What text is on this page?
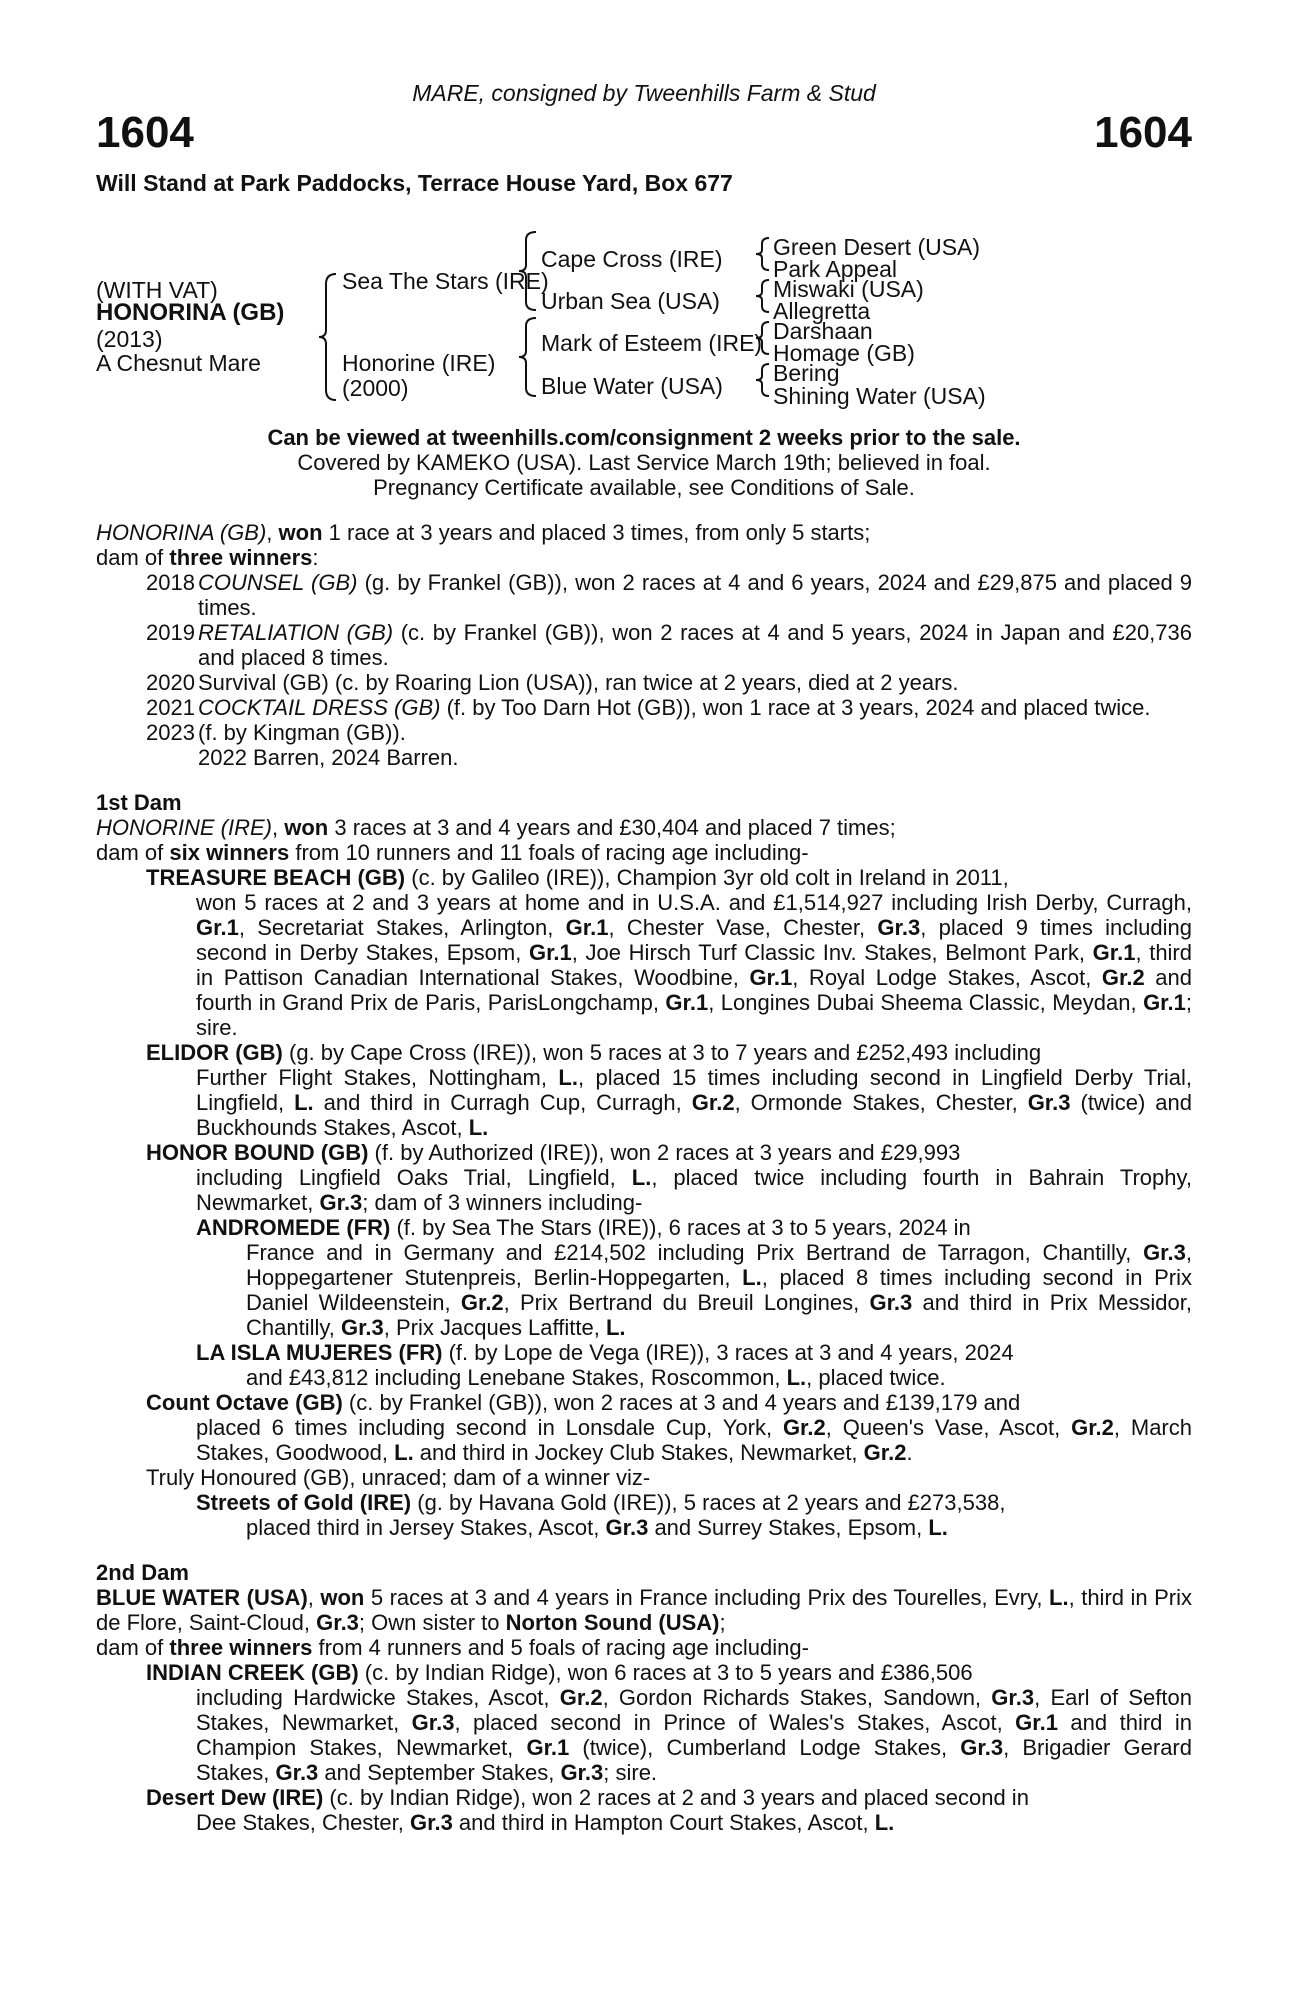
MARE, consigned by Tweenhills Farm & Stud
1604	1604
Will Stand at Park Paddocks, Terrace House Yard, Box 677
(WITH VAT)
HONORINA (GB)
(2013)
A Chesnut Mare
Sea The Stars (IRE)
Honorine (IRE)
(2000)
Cape Cross (IRE)
Urban Sea (USA)
Mark of Esteem (IRE)
Blue Water (USA)
Green Desert (USA)
Park Appeal
Miswaki (USA)
Allegretta
Darshaan
Homage (GB)
Bering
Shining Water (USA)
Can be viewed at tweenhills.com/consignment 2 weeks prior to the sale.
Covered by KAMEKO (USA). Last Service March 19th; believed in foal.
Pregnancy Certificate available, see Conditions of Sale.

HONORINA (GB), won 1 race at 3 years and placed 3 times, from only 5 starts;

dam of three winners:

2018 COUNSEL (GB) (g. by Frankel (GB)), won 2 races at 4 and 6 years, 2024 and £29,875 and placed 9 times.
2019 RETALIATION (GB) (c. by Frankel (GB)), won 2 races at 4 and 5 years, 2024 in Japan and £20,736 and placed 8 times.
2020 Survival (GB) (c. by Roaring Lion (USA)), ran twice at 2 years, died at 2 years.
2021 COCKTAIL DRESS (GB) (f. by Too Darn Hot (GB)), won 1 race at 3 years, 2024 and placed twice.
2023 (f. by Kingman (GB)).
2022 Barren, 2024 Barren.

1st Dam

HONORINE (IRE), won 3 races at 3 and 4 years and £30,404 and placed 7 times;

dam of six winners from 10 runners and 11 foals of racing age including-

TREASURE BEACH (GB) (c. by Galileo (IRE)), Champion 3yr old colt in Ireland in 2011,

won 5 races at 2 and 3 years at home and in U.S.A. and £1,514,927 including Irish Derby, Curragh, Gr.1, Secretariat Stakes, Arlington, Gr.1, Chester Vase, Chester, Gr.3, placed 9 times including second in Derby Stakes, Epsom, Gr.1, Joe Hirsch Turf Classic Inv. Stakes, Belmont Park, Gr.1, third in Pattison Canadian International Stakes, Woodbine, Gr.1, Royal Lodge Stakes, Ascot, Gr.2 and fourth in Grand Prix de Paris, ParisLongchamp, Gr.1, Longines Dubai Sheema Classic, Meydan, Gr.1; sire.

ELIDOR (GB) (g. by Cape Cross (IRE)), won 5 races at 3 to 7 years and £252,493 including

Further Flight Stakes, Nottingham, L., placed 15 times including second in Lingfield Derby Trial, Lingfield, L. and third in Curragh Cup, Curragh, Gr.2, Ormonde Stakes, Chester, Gr.3 (twice) and Buckhounds Stakes, Ascot, L.

HONOR BOUND (GB) (f. by Authorized (IRE)), won 2 races at 3 years and £29,993

including Lingfield Oaks Trial, Lingfield, L., placed twice including fourth in Bahrain Trophy, Newmarket, Gr.3; dam of 3 winners including-

ANDROMEDE (FR) (f. by Sea The Stars (IRE)), 6 races at 3 to 5 years, 2024 in

France and in Germany and £214,502 including Prix Bertrand de Tarragon, Chantilly, Gr.3, Hoppegartener Stutenpreis, Berlin-Hoppegarten, L., placed 8 times including second in Prix Daniel Wildeenstein, Gr.2, Prix Bertrand du Breuil Longines, Gr.3 and third in Prix Messidor, Chantilly, Gr.3, Prix Jacques Laffitte, L.

LA ISLA MUJERES (FR) (f. by Lope de Vega (IRE)), 3 races at 3 and 4 years, 2024

and £43,812 including Lenebane Stakes, Roscommon, L., placed twice.

Count Octave (GB) (c. by Frankel (GB)), won 2 races at 3 and 4 years and £139,179 and

placed 6 times including second in Lonsdale Cup, York, Gr.2, Queen's Vase, Ascot, Gr.2, March Stakes, Goodwood, L. and third in Jockey Club Stakes, Newmarket, Gr.2.

Truly Honoured (GB), unraced; dam of a winner viz-

Streets of Gold (IRE) (g. by Havana Gold (IRE)), 5 races at 2 years and £273,538,

placed third in Jersey Stakes, Ascot, Gr.3 and Surrey Stakes, Epsom, L.

2nd Dam

BLUE WATER (USA), won 5 races at 3 and 4 years in France including Prix des Tourelles, Evry, L., third in Prix de Flore, Saint-Cloud, Gr.3; Own sister to Norton Sound (USA);

dam of three winners from 4 runners and 5 foals of racing age including-

INDIAN CREEK (GB) (c. by Indian Ridge), won 6 races at 3 to 5 years and £386,506

including Hardwicke Stakes, Ascot, Gr.2, Gordon Richards Stakes, Sandown, Gr.3, Earl of Sefton Stakes, Newmarket, Gr.3, placed second in Prince of Wales's Stakes, Ascot, Gr.1 and third in Champion Stakes, Newmarket, Gr.1 (twice), Cumberland Lodge Stakes, Gr.3, Brigadier Gerard Stakes, Gr.3 and September Stakes, Gr.3; sire.

Desert Dew (IRE) (c. by Indian Ridge), won 2 races at 2 and 3 years and placed second in

Dee Stakes, Chester, Gr.3 and third in Hampton Court Stakes, Ascot, L.
